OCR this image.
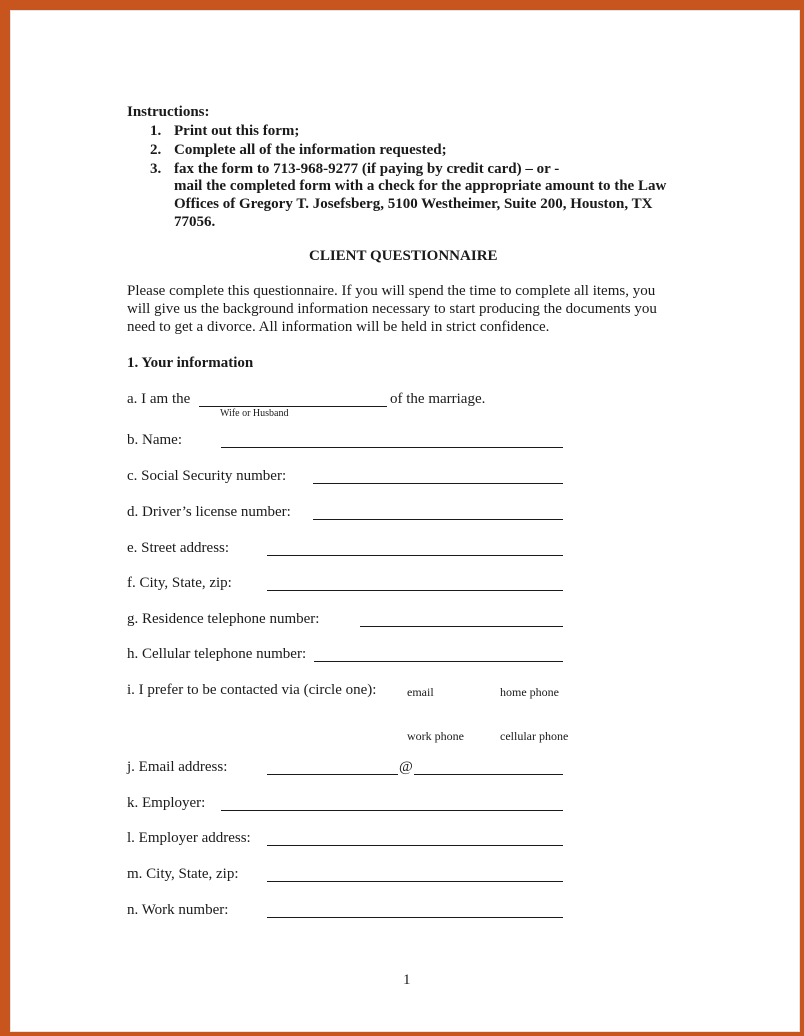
Instructions:
1. Print out this form;
2. Complete all of the information requested;
3. fax the form to 713-968-9277 (if paying by credit card) – or -
mail the completed form with a check for the appropriate amount to the Law
Offices of Gregory T. Josefsberg, 5100 Westheimer, Suite 200, Houston, TX
77056.
CLIENT QUESTIONNAIRE
Please complete this questionnaire. If you will spend the time to complete all items, you
will give us the background information necessary to start producing the documents you
need to get a divorce. All information will be held in strict confidence.
1. Your information
a. I am the	of the marriage.
Wife or Husband
b. Name:
c. Social Security number:
d. Driver’s license number:
e. Street address:
f. City, State, zip:
g. Residence telephone number:
h. Cellular telephone number:
i. I prefer to be contacted via (circle one):	email	home phone
work phone	cellular phone
j. Email address:	@
k. Employer:
l. Employer address:
m. City, State, zip:
n. Work number:
1
